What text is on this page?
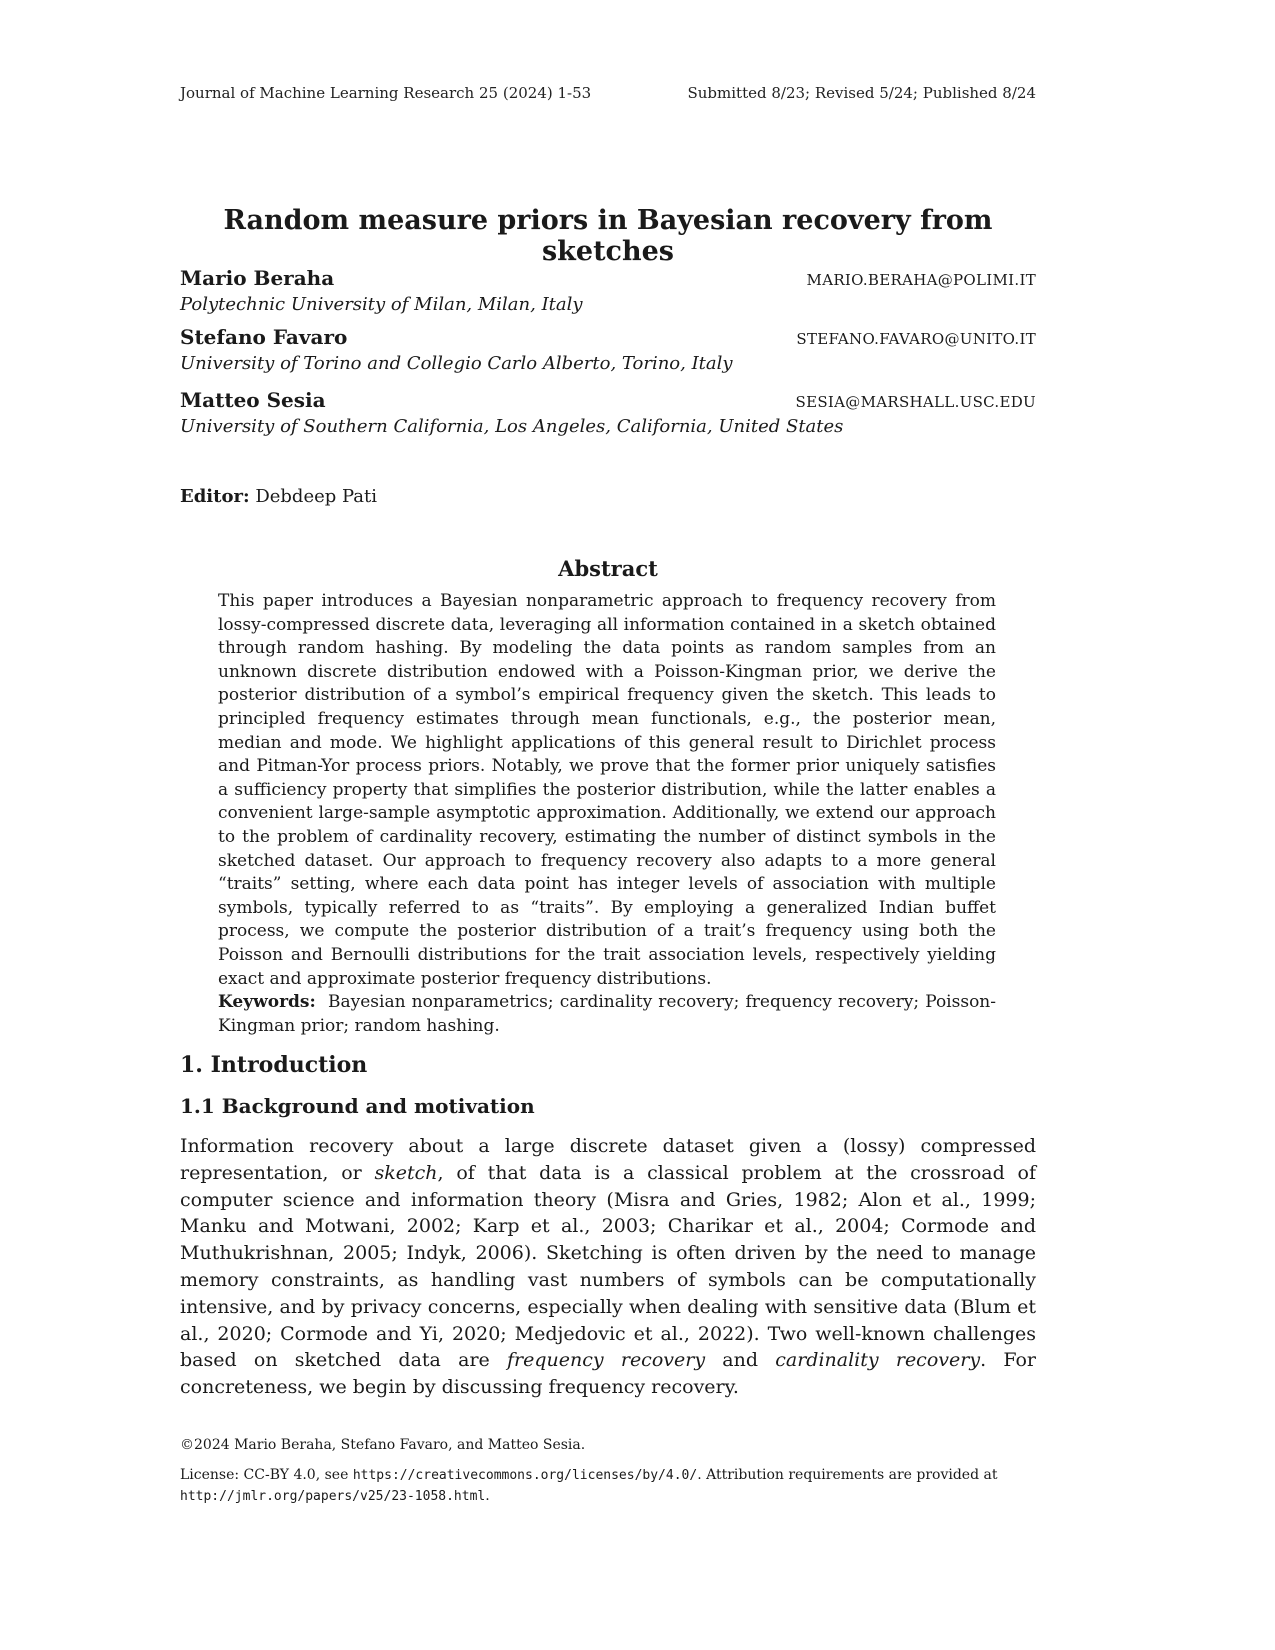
Journal of Machine Learning Research 25 (2024) 1-53	Submitted 8/23; Revised 5/24; Published 8/24
Random measure priors in Bayesian recovery from sketches
Mario Beraha	MARIO.BERAHA@POLIMI.IT
Polytechnic University of Milan, Milan, Italy
Stefano Favaro	STEFANO.FAVARO@UNITO.IT
University of Torino and Collegio Carlo Alberto, Torino, Italy
Matteo Sesia	SESIA@MARSHALL.USC.EDU
University of Southern California, Los Angeles, California, United States
Editor: Debdeep Pati
Abstract

This paper introduces a Bayesian nonparametric approach to frequency recovery from lossy-compressed discrete data, leveraging all information contained in a sketch obtained through random hashing. By modeling the data points as random samples from an unknown discrete distribution endowed with a Poisson-Kingman prior, we derive the posterior distribution of a symbol’s empirical frequency given the sketch. This leads to principled frequency estimates through mean functionals, e.g., the posterior mean, median and mode. We highlight applications of this general result to Dirichlet process and Pitman-Yor process priors. Notably, we prove that the former prior uniquely satisfies a sufficiency property that simplifies the posterior distribution, while the latter enables a convenient large-sample asymptotic approximation. Additionally, we extend our approach to the problem of cardinality recovery, estimating the number of distinct symbols in the sketched dataset. Our approach to frequency recovery also adapts to a more general “traits” setting, where each data point has integer levels of association with multiple symbols, typically referred to as “traits”. By employing a generalized Indian buffet process, we compute the posterior distribution of a trait’s frequency using both the Poisson and Bernoulli distributions for the trait association levels, respectively yielding exact and approximate posterior frequency distributions.

Keywords: Bayesian nonparametrics; cardinality recovery; frequency recovery; Poisson-Kingman prior; random hashing.

1. Introduction
1.1 Background and motivation

Information recovery about a large discrete dataset given a (lossy) compressed representation, or sketch, of that data is a classical problem at the crossroad of computer science and information theory (Misra and Gries, 1982; Alon et al., 1999; Manku and Motwani, 2002; Karp et al., 2003; Charikar et al., 2004; Cormode and Muthukrishnan, 2005; Indyk, 2006). Sketching is often driven by the need to manage memory constraints, as handling vast numbers of symbols can be computationally intensive, and by privacy concerns, especially when dealing with sensitive data (Blum et al., 2020; Cormode and Yi, 2020; Medjedovic et al., 2022). Two well-known challenges based on sketched data are frequency recovery and cardinality recovery. For concreteness, we begin by discussing frequency recovery.

©2024 Mario Beraha, Stefano Favaro, and Matteo Sesia.
License: CC-BY 4.0, see https://creativecommons.org/licenses/by/4.0/. Attribution requirements are provided at http://jmlr.org/papers/v25/23-1058.html.
